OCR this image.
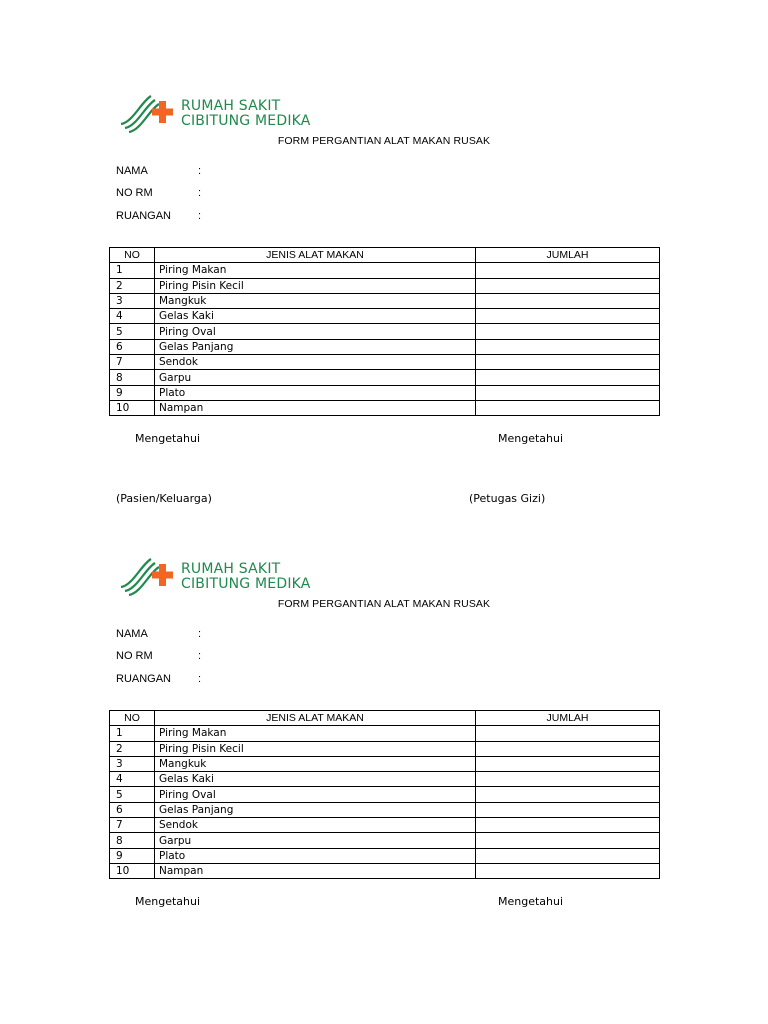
RUMAH SAKIT
CIBITUNG MEDIKA
FORM PERGANTIAN ALAT MAKAN RUSAK
NAMA	:
NO RM	:
RUANGAN :
NO	JENIS ALAT MAKAN	JUMLAH
1	Piring Makan	
2	Piring Pisin Kecil	
3	Mangkuk	
4	Gelas Kaki	
5	Piring Oval	
6	Gelas Panjang	
7	Sendok	
8	Garpu	
9	Plato	
10	Nampan	
Mengetahui	Mengetahui
(Pasien/Keluarga)	(Petugas Gizi)
RUMAH SAKIT
CIBITUNG MEDIKA
FORM PERGANTIAN ALAT MAKAN RUSAK
NAMA	:
NO RM	:
RUANGAN :
NO	JENIS ALAT MAKAN	JUMLAH
1	Piring Makan	
2	Piring Pisin Kecil	
3	Mangkuk	
4	Gelas Kaki	
5	Piring Oval	
6	Gelas Panjang	
7	Sendok	
8	Garpu	
9	Plato	
10	Nampan	
Mengetahui	Mengetahui
